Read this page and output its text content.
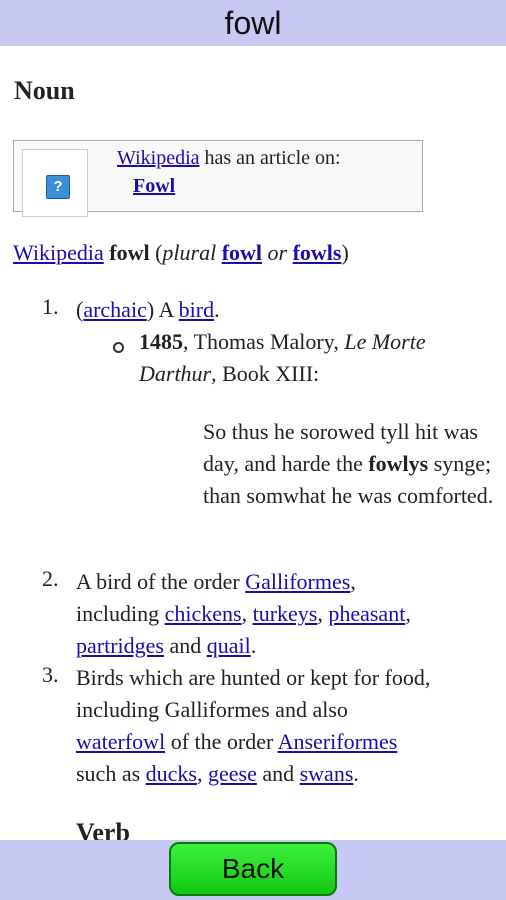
fowl
Noun
?
Wikipedia has an article on:
Fowl
Wikipedia fowl (plural fowl or fowls)
1. (archaic) A bird.
1485, Thomas Malory, Le Morte Darthur, Book XIII:
So thus he sorowed tyll hit was day, and harde the fowlys synge; than somwhat he was comforted.
2. A bird of the order Galliformes,
including chickens, turkeys, pheasant,
partridges and quail.
3. Birds which are hunted or kept for food,
including Galliformes and also
waterfowl of the order Anseriformes
such as ducks, geese and swans.
Verb
Back
